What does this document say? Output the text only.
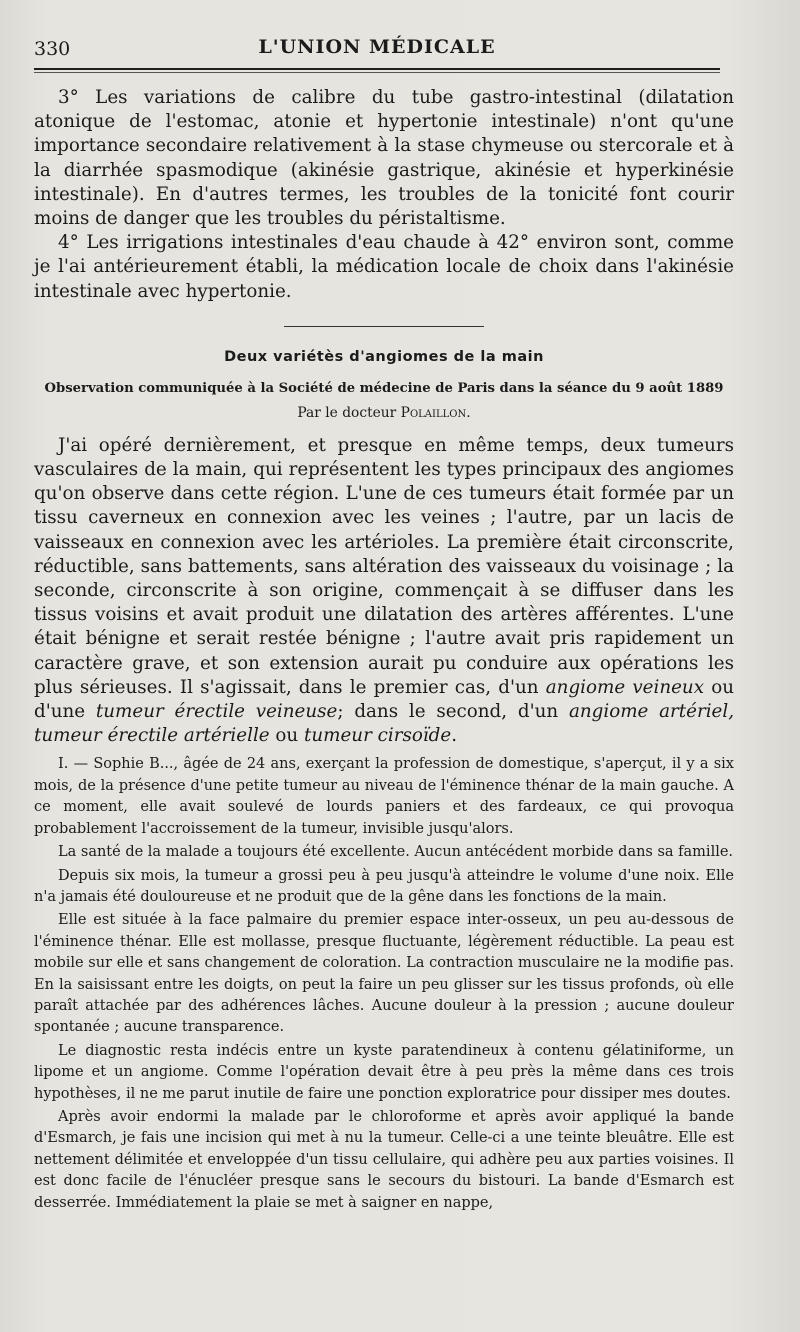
330	L'UNION MÉDICALE

3° Les variations de calibre du tube gastro-intestinal (dilatation atonique de l'estomac, atonie et hypertonie intestinale) n'ont qu'une importance secondaire relativement à la stase chymeuse ou stercorale et à la diarrhée spasmodique (akinésie gastrique, akinésie et hyperkinésie intestinale). En d'autres termes, les troubles de la tonicité font courir moins de danger que les troubles du péristaltisme.

4° Les irrigations intestinales d'eau chaude à 42° environ sont, comme je l'ai antérieurement établi, la médication locale de choix dans l'akinésie intestinale avec hypertonie.

Deux variétès d'angiomes de la main
Observation communiquée à la Société de médecine de Paris dans la séance du 9 août 1889
Par le docteur Polaillon.

J'ai opéré dernièrement, et presque en même temps, deux tumeurs vasculaires de la main, qui représentent les types principaux des angiomes qu'on observe dans cette région. L'une de ces tumeurs était formée par un tissu caverneux en connexion avec les veines ; l'autre, par un lacis de vaisseaux en connexion avec les artérioles. La première était circonscrite, réductible, sans battements, sans altération des vaisseaux du voisinage ; la seconde, circonscrite à son origine, commençait à se diffuser dans les tissus voisins et avait produit une dilatation des artères afférentes. L'une était bénigne et serait restée bénigne ; l'autre avait pris rapidement un caractère grave, et son extension aurait pu conduire aux opérations les plus sérieuses. Il s'agissait, dans le premier cas, d'un angiome veineux ou d'une tumeur érectile veineuse; dans le second, d'un angiome artériel, tumeur érectile artérielle ou tumeur cirsoïde.

I. — Sophie B..., âgée de 24 ans, exerçant la profession de domestique, s'aperçut, il y a six mois, de la présence d'une petite tumeur au niveau de l'éminence thénar de la main gauche. A ce moment, elle avait soulevé de lourds paniers et des fardeaux, ce qui provoqua probablement l'accroissement de la tumeur, invisible jusqu'alors.

La santé de la malade a toujours été excellente. Aucun antécédent morbide dans sa famille.

Depuis six mois, la tumeur a grossi peu à peu jusqu'à atteindre le volume d'une noix. Elle n'a jamais été douloureuse et ne produit que de la gêne dans les fonctions de la main.

Elle est située à la face palmaire du premier espace inter-osseux, un peu au-dessous de l'éminence thénar. Elle est mollasse, presque fluctuante, légèrement réductible. La peau est mobile sur elle et sans changement de coloration. La contraction musculaire ne la modifie pas. En la saisissant entre les doigts, on peut la faire un peu glisser sur les tissus profonds, où elle paraît attachée par des adhérences lâches. Aucune douleur à la pression ; aucune douleur spontanée ; aucune transparence.

Le diagnostic resta indécis entre un kyste paratendineux à contenu gélatiniforme, un lipome et un angiome. Comme l'opération devait être à peu près la même dans ces trois hypothèses, il ne me parut inutile de faire une ponction exploratrice pour dissiper mes doutes.

Après avoir endormi la malade par le chloroforme et après avoir appliqué la bande d'Esmarch, je fais une incision qui met à nu la tumeur. Celle-ci a une teinte bleuâtre. Elle est nettement délimitée et enveloppée d'un tissu cellulaire, qui adhère peu aux parties voisines. Il est donc facile de l'énucléer presque sans le secours du bistouri. La bande d'Esmarch est desserrée. Immédiatement la plaie se met à saigner en nappe,
